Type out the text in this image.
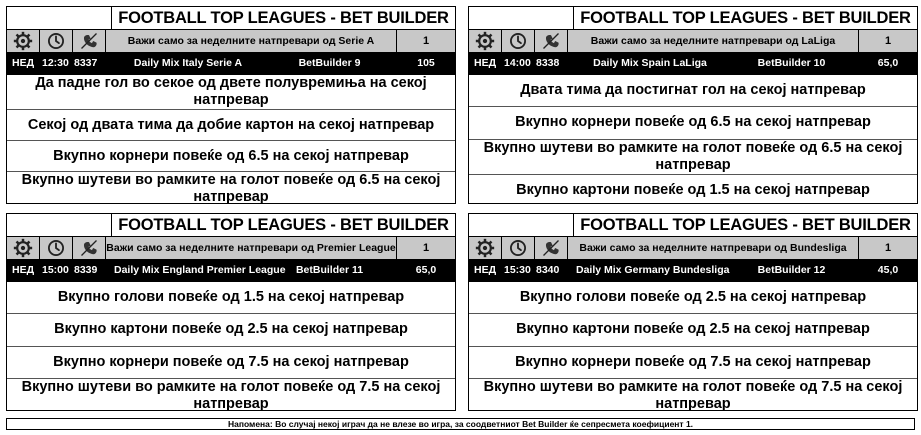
FOOTBALL TOP LEAGUES - BET BUILDER
Важи само за неделните натпревари од Serie A	1
НЕД 12:30 8337	Daily Mix Italy Serie A	BetBuilder 9	105
Да падне гол во секое од двете полувремиња на секој натпревар
Секој од двата тима да добие картон на секој натпревар
Вкупно корнери повеќе од 6.5 на секој натпревар
Вкупно шутеви во рамките на голот повеќе од 6.5 на секој натпревар
FOOTBALL TOP LEAGUES - BET BUILDER
Важи само за неделните натпревари од LaLiga	1
НЕД 14:00 8338	Daily Mix Spain LaLiga	BetBuilder 10	65,0
Двата тима да постигнат гол на секој натпревар
Вкупно корнери повеќе од 6.5 на секој натпревар
Вкупно шутеви во рамките на голот повеќе од 6.5 на секој натпревар
Вкупно картони повеќе од 1.5 на секој натпревар
FOOTBALL TOP LEAGUES - BET BUILDER
Важи само за неделните натпревари од Premier League	1
НЕД 15:00 8339	Daily Mix England Premier League BetBuilder 11	65,0
Вкупно голови повеќе од 1.5 на секој натпревар
Вкупно картони повеќе од 2.5 на секој натпревар
Вкупно корнери повеќе од 7.5 на секој натпревар
Вкупно шутеви во рамките на голот повеќе од 7.5 на секој натпревар
FOOTBALL TOP LEAGUES - BET BUILDER
Важи само за неделните натпревари од Bundesliga	1
НЕД 15:30 8340	Daily Mix Germany Bundesliga	BetBuilder 12	45,0
Вкупно голови повеќе од 2.5 на секој натпревар
Вкупно картони повеќе од 2.5 на секој натпревар
Вкупно корнери повеќе од 7.5 на секој натпревар
Вкупно шутеви во рамките на голот повеќе од 7.5 на секој натпревар
Напомена: Во случај некој играч да не влезе во игра, за соодветниот Bet Builder ќе сепресмета коефициент 1.
